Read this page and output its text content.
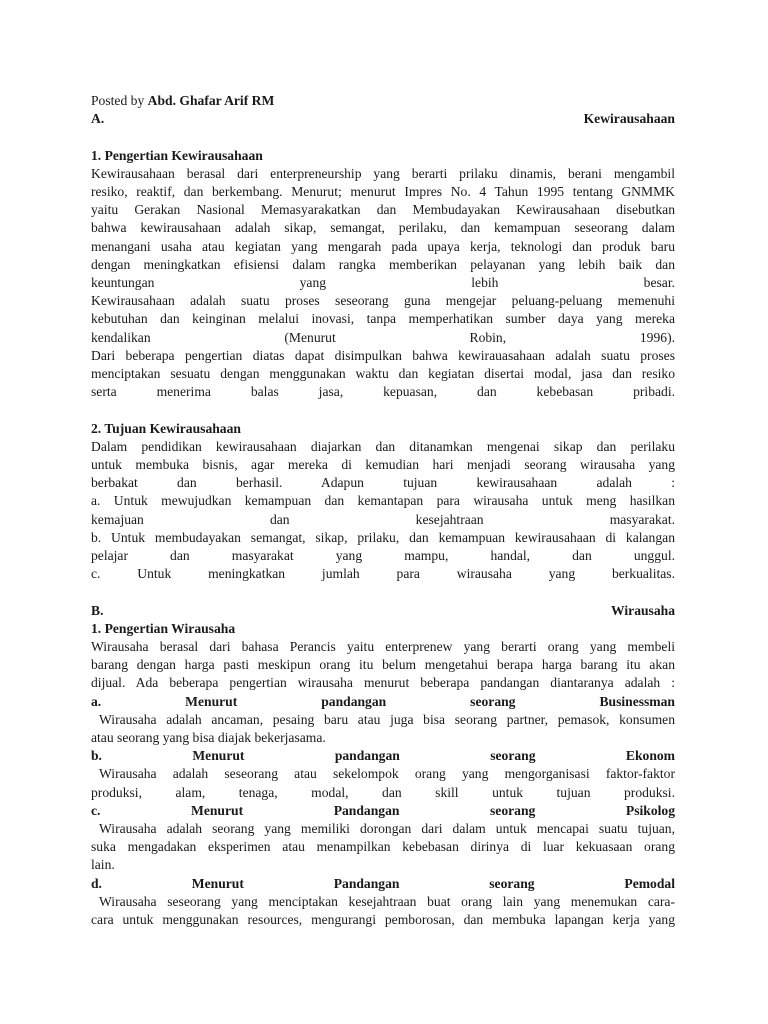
Posted by Abd. Ghafar Arif RM
A.	Kewirausahaan
1. Pengertian Kewirausahaan
Kewirausahaan berasal dari enterpreneurship yang berarti prilaku dinamis, berani mengambil
resiko, reaktif, dan berkembang. Menurut; menurut Impres No. 4 Tahun 1995 tentang GNMMK
yaitu Gerakan Nasional Memasyarakatkan dan Membudayakan Kewirausahaan disebutkan
bahwa kewirausahaan adalah sikap, semangat, perilaku, dan kemampuan seseorang dalam
menangani usaha atau kegiatan yang mengarah pada upaya kerja, teknologi dan produk baru
dengan meningkatkan efisiensi dalam rangka memberikan pelayanan yang lebih baik dan
keuntungan yang lebih besar.
Kewirausahaan adalah suatu proses seseorang guna mengejar peluang-peluang memenuhi
kebutuhan dan keinginan melalui inovasi, tanpa memperhatikan sumber daya yang mereka
kendalikan (Menurut Robin, 1996).
Dari beberapa pengertian diatas dapat disimpulkan bahwa kewirauasahaan adalah suatu proses
menciptakan sesuatu dengan menggunakan waktu dan kegiatan disertai modal, jasa dan resiko
serta menerima balas jasa, kepuasan, dan kebebasan pribadi.
2. Tujuan Kewirausahaan
Dalam pendidikan kewirausahaan diajarkan dan ditanamkan mengenai sikap dan perilaku
untuk membuka bisnis, agar mereka di kemudian hari menjadi seorang wirausaha yang
berbakat dan berhasil. Adapun tujuan kewirausahaan adalah :
a. Untuk mewujudkan kemampuan dan kemantapan para wirausaha untuk meng hasilkan
kemajuan dan kesejahtraan masyarakat.
b. Untuk membudayakan semangat, sikap, prilaku, dan kemampuan kewirausahaan di kalangan
pelajar dan masyarakat yang mampu, handal, dan unggul.
c. Untuk meningkatkan jumlah para wirausaha yang berkualitas.
B.	Wirausaha
1. Pengertian Wirausaha
Wirausaha berasal dari bahasa Perancis yaitu enterprenew yang berarti orang yang membeli
barang dengan harga pasti meskipun orang itu belum mengetahui berapa harga barang itu akan
dijual. Ada beberapa pengertian wirausaha menurut beberapa pandangan diantaranya adalah :
a. Menurut pandangan seorang Businessman
Wirausaha adalah ancaman, pesaing baru atau juga bisa seorang partner, pemasok, konsumen
atau seorang yang bisa diajak bekerjasama.
b. Menurut pandangan seorang Ekonom
Wirausaha adalah seseorang atau sekelompok orang yang mengorganisasi faktor-faktor
produksi, alam, tenaga, modal, dan skill untuk tujuan produksi.
c. Menurut Pandangan seorang Psikolog
Wirausaha adalah seorang yang memiliki dorongan dari dalam untuk mencapai suatu tujuan,
suka mengadakan eksperimen atau menampilkan kebebasan dirinya di luar kekuasaan orang
lain.
d. Menurut Pandangan seorang Pemodal
Wirausaha seseorang yang menciptakan kesejahtraan buat orang lain yang menemukan cara-
cara untuk menggunakan resources, mengurangi pemborosan, dan membuka lapangan kerja yang
